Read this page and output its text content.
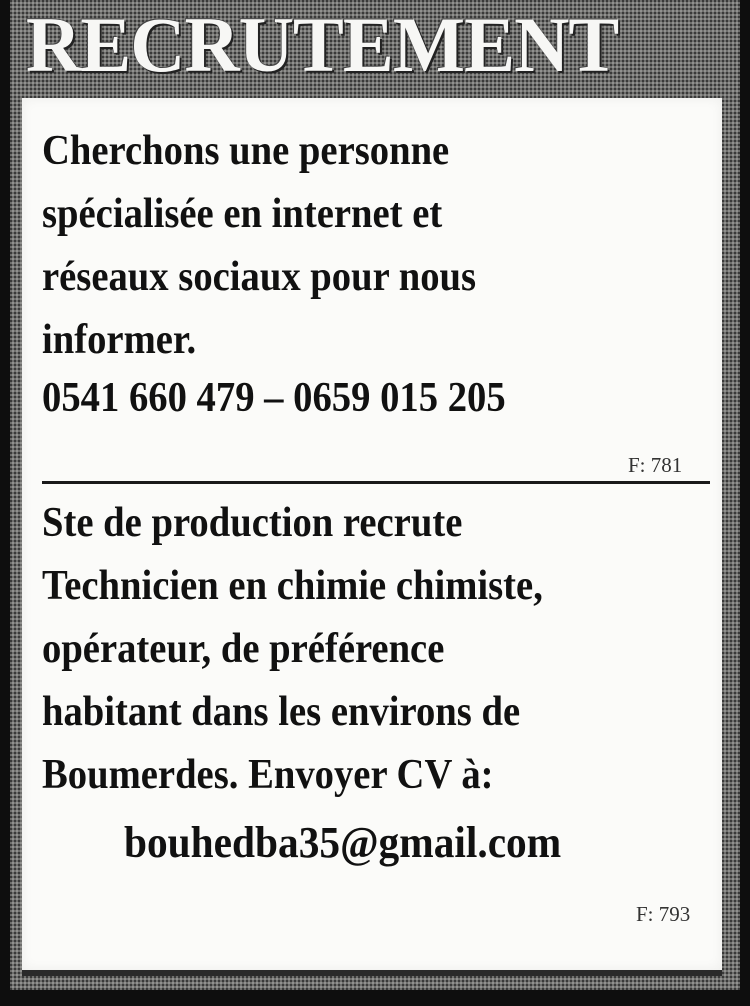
RECRUTEMENT
Cherchons une personne
spécialisée en internet et
réseaux sociaux pour nous
informer.
0541 660 479 – 0659 015 205
F: 781
Ste de production recrute
Technicien en chimie chimiste,
opérateur, de préférence
habitant dans les environs de
Boumerdes. Envoyer CV à:
bouhedba35@gmail.com
F: 793
